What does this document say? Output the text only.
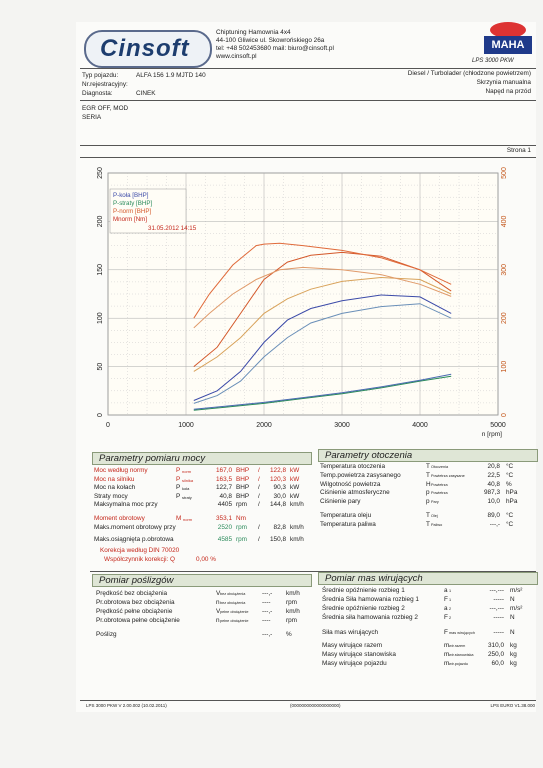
Cinsoft
Chiptuning Hamownia 4x4
44-100 Gliwice ul. Skowrońskiego 26a
tel: +48 502453680 mail: biuro@cinsoft.pl
www.cinsoft.pl
MAHA
LPS 3000 PKW
Typ pojazdu:	ALFA 156 1.9 MJTD 140
Nr.rejestracyjny:
Diagnosta:	CINEK
Diesel / Turbolader (chłodzone powietrzem)
Skrzynia manualna
Napęd na przód
EGR OFF, MOD
SERIA
Strona 1
0	1000	2000	3000	4000	5000
n [rpm]
0
50
100
150
200
250
0
100
200
300
400
500
P-koła [BHP]
P-straty [BHP]
P-norm [BHP]
Mnorm [Nm]
31.05.2012 14:15
Parametry pomiaru mocy
Moc według normy	P norm	167,0 BHP /	122,8 kW
Moc na silniku	P silnika	163,5 BHP /	120,3 kW
Moc na kołach	P koła	122,7 BHP /	90,3 kW
Straty mocy	P straty	40,8 BHP /	30,0 kW
Maksymalna moc przy	4405 rpm /	144,8 km/h
Moment obrotowy	M norm	353,1 Nm
Maks.moment obrotowy przy	2520 rpm /	82,8 km/h
Maks.osiągnięta p.obrotowa	4585 rpm /	150,8 km/h
Korekcja według DIN 70020
Współczynnik korekcji: Q	0,00 %
Parametry otoczenia
Temperatura otoczenia	T Otoczenia	20,8 °C
Temp.powietrza zasysanego	T Powietrza zasysane	22,5 °C
Wilgotność powietrza	H Powietrza	40,8 %
Ciśnienie atmosferyczne	p Powietrza	987,3 hPa
Ciśnienie pary	p Pary	10,0 hPa
Temperatura oleju	T Olej	89,0 °C
Temperatura paliwa	T Paliwo	---,- °C
Pomiar poślizgów
Prędkość bez obciążenia	V bez obciążenia	---,- km/h
Pr.obrotowa bez obciążenia	n bez obciążenia	---- rpm
Prędkość pełne obciążenie	V pełne obciążenie ---,- km/h
Pr.obrotowa pełne obciążenie	n pełne obciążenie ---- rpm
Poślizg	---,- %
Pomiar mas wirujących
Średnie opóźnienie rozbieg 1	a 1	---,--- m/s²
Średnia Siła hamowania rozbieg 1	F 1	----- N
Średnie opóźnienie rozbieg 2	a 2	---,--- m/s²
Średnia siła hamowania rozbieg 2	F 2	----- N
Siła mas wirujących	F mas wirujących	----- N
Masy wirujące razem	m wir.razem	310,0 kg
Masy wirujące stanowiska	m wir.stanowiska	250,0 kg
Masy wirujące pojazdu	m wir.pojazdu	60,0 kg
LPS 3000 PKW V 2.00.002 (10.02.2011)	(0000000000000000000)	LPS EURO V1.38.000
